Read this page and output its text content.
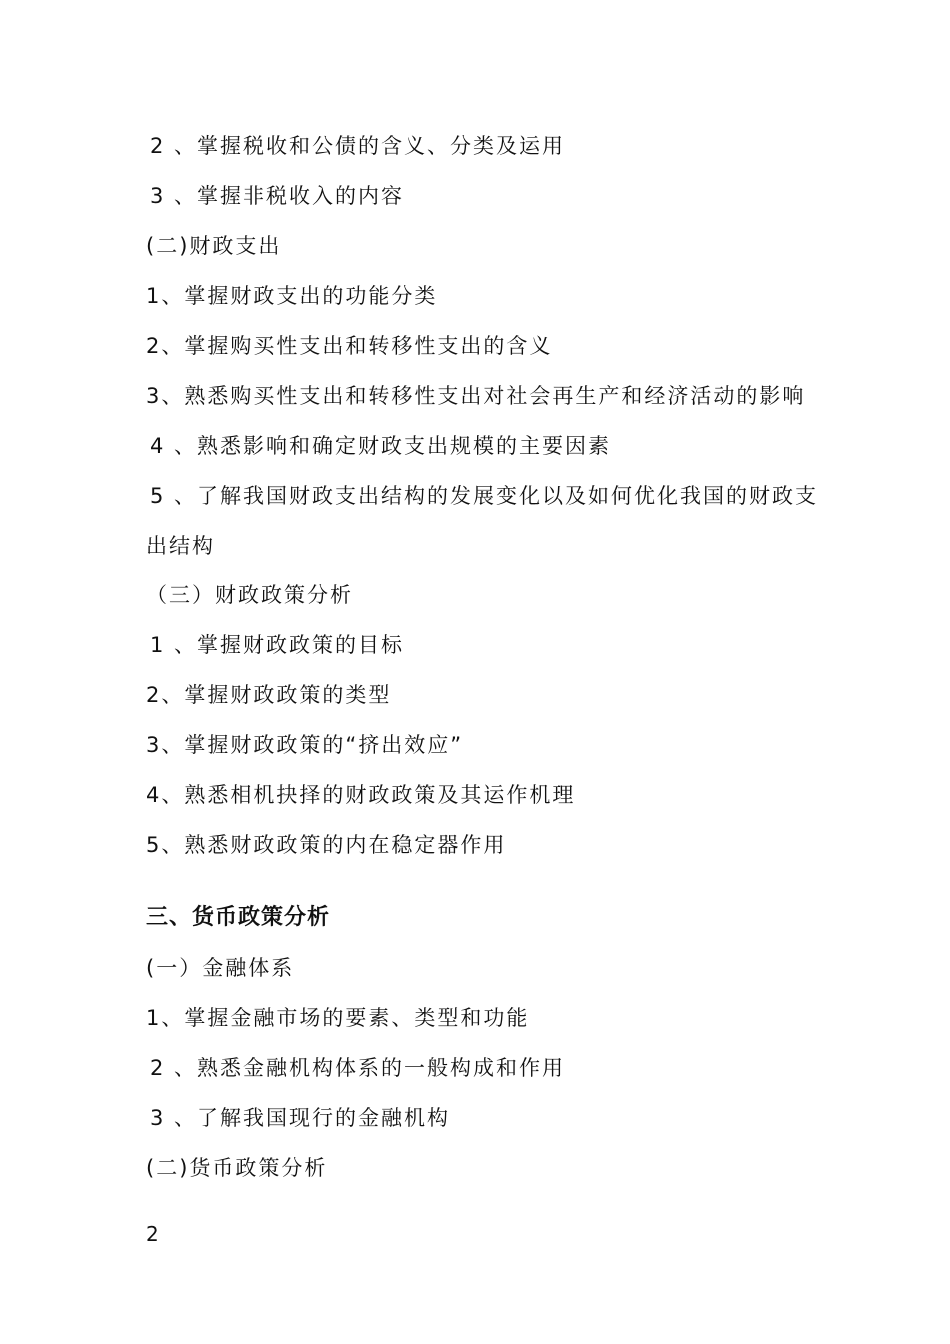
2 、掌握税收和公债的含义、分类及运用
3 、掌握非税收入的内容
(二)财政支出
1、掌握财政支出的功能分类
2、掌握购买性支出和转移性支出的含义
3、熟悉购买性支出和转移性支出对社会再生产和经济活动的影响
4 、熟悉影响和确定财政支出规模的主要因素
5 、了解我国财政支出结构的发展变化以及如何优化我国的财政支
出结构
（三）财政政策分析
1 、掌握财政政策的目标
2、掌握财政政策的类型
3、掌握财政政策的“挤出效应”
4、熟悉相机抉择的财政政策及其运作机理
5、熟悉财政政策的内在稳定器作用
三、货币政策分析
(一）金融体系
1、掌握金融市场的要素、类型和功能
2 、熟悉金融机构体系的一般构成和作用
3 、了解我国现行的金融机构
(二)货币政策分析
2
